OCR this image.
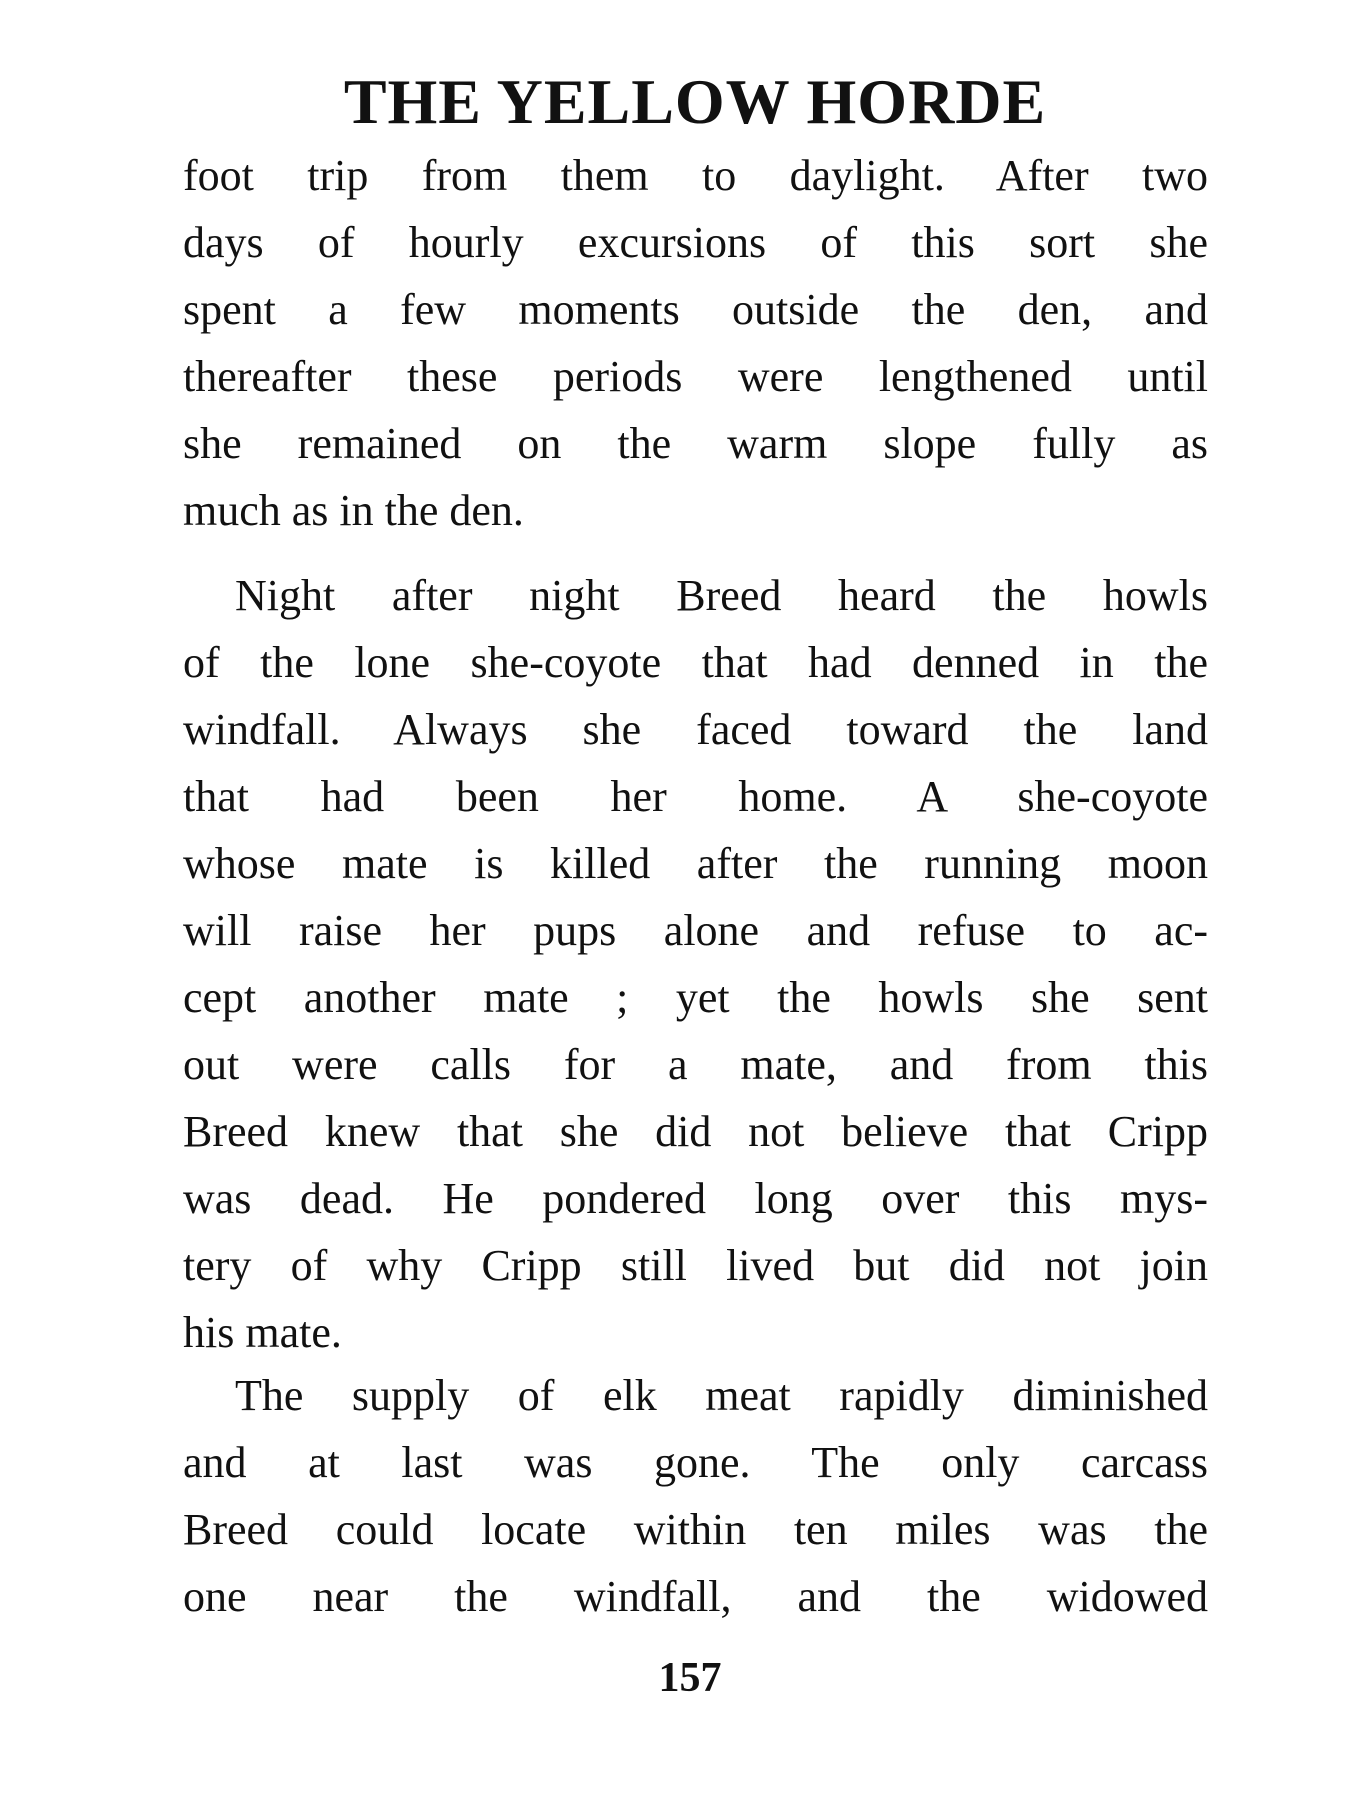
THE YELLOW HORDE
foot trip from them to daylight. After two
days of hourly excursions of this sort she
spent a few moments outside the den, and
thereafter these periods were lengthened until
she remained on the warm slope fully as
much as in the den.
Night after night Breed heard the howls
of the lone she-coyote that had denned in the
windfall. Always she faced toward the land
that had been her home. A she-coyote
whose mate is killed after the running moon
will raise her pups alone and refuse to ac-
cept another mate ; yet the howls she sent
out were calls for a mate, and from this
Breed knew that she did not believe that Cripp
was dead. He pondered long over this mys-
tery of why Cripp still lived but did not join
his mate.
The supply of elk meat rapidly diminished
and at last was gone. The only carcass
Breed could locate within ten miles was the
one near the windfall, and the widowed
157
